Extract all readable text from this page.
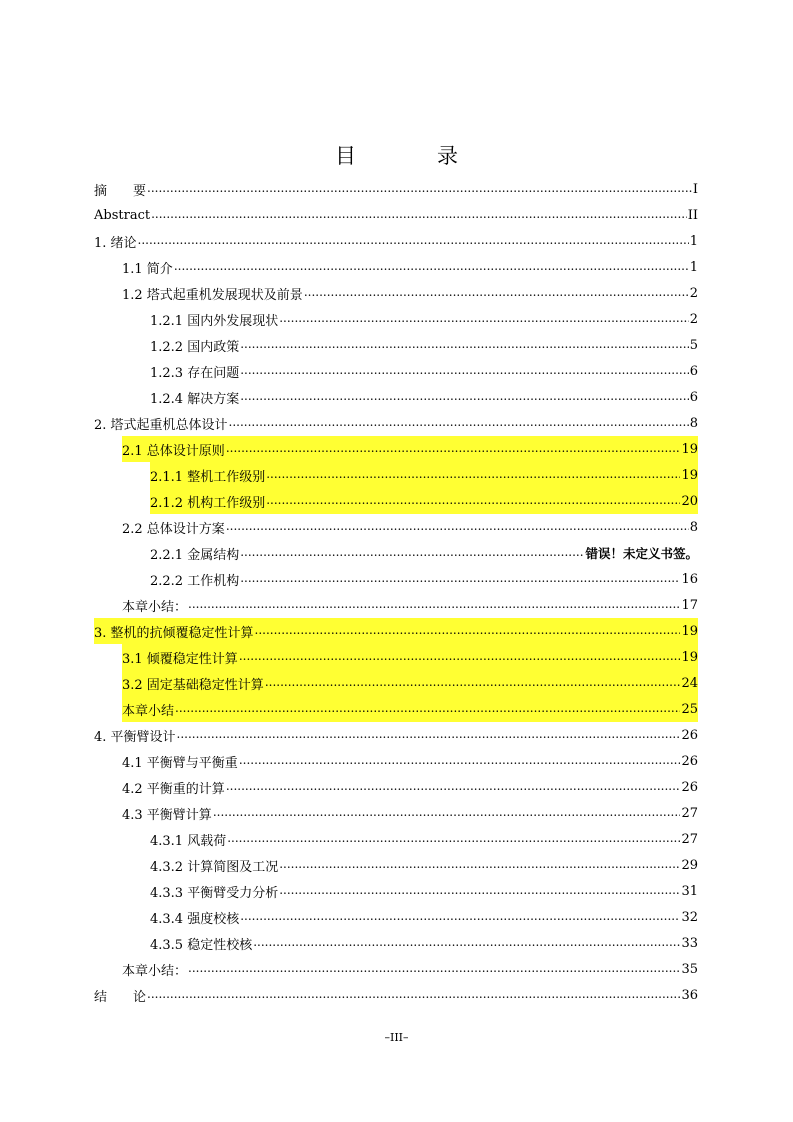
目　录
摘　　要 .....	I
Abstract .....	II
1. 绪论 .....	1
1.1 简介 .....	1
1.2 塔式起重机发展现状及前景 .....	2
1.2.1 国内外发展现状 .....	2
1.2.2 国内政策 .....	5
1.2.3 存在问题 .....	6
1.2.4 解决方案 .....	6
2. 塔式起重机总体设计 .....	8
2.1 总体设计原则 .....	19
2.1.1 整机工作级别 .....	19
2.1.2 机构工作级别 .....	20
2.2 总体设计方案 .....	8
2.2.1 金属结构 .....	错误！未定义书签。
2.2.2 工作机构 .....	16
本章小结： .....	17
3. 整机的抗倾覆稳定性计算 .....	19
3.1 倾覆稳定性计算 .....	19
3.2 固定基础稳定性计算 .....	24
本章小结 .....	25
4. 平衡臂设计 .....	26
4.1 平衡臂与平衡重 .....	26
4.2 平衡重的计算 .....	26
4.3 平衡臂计算 .....	27
4.3.1 风载荷 .....	27
4.3.2 计算简图及工况 .....	29
4.3.3 平衡臂受力分析 .....	31
4.3.4 强度校核 .....	32
4.3.5 稳定性校核 .....	33
本章小结： .....	35
结　　论 .....	36
–III–
